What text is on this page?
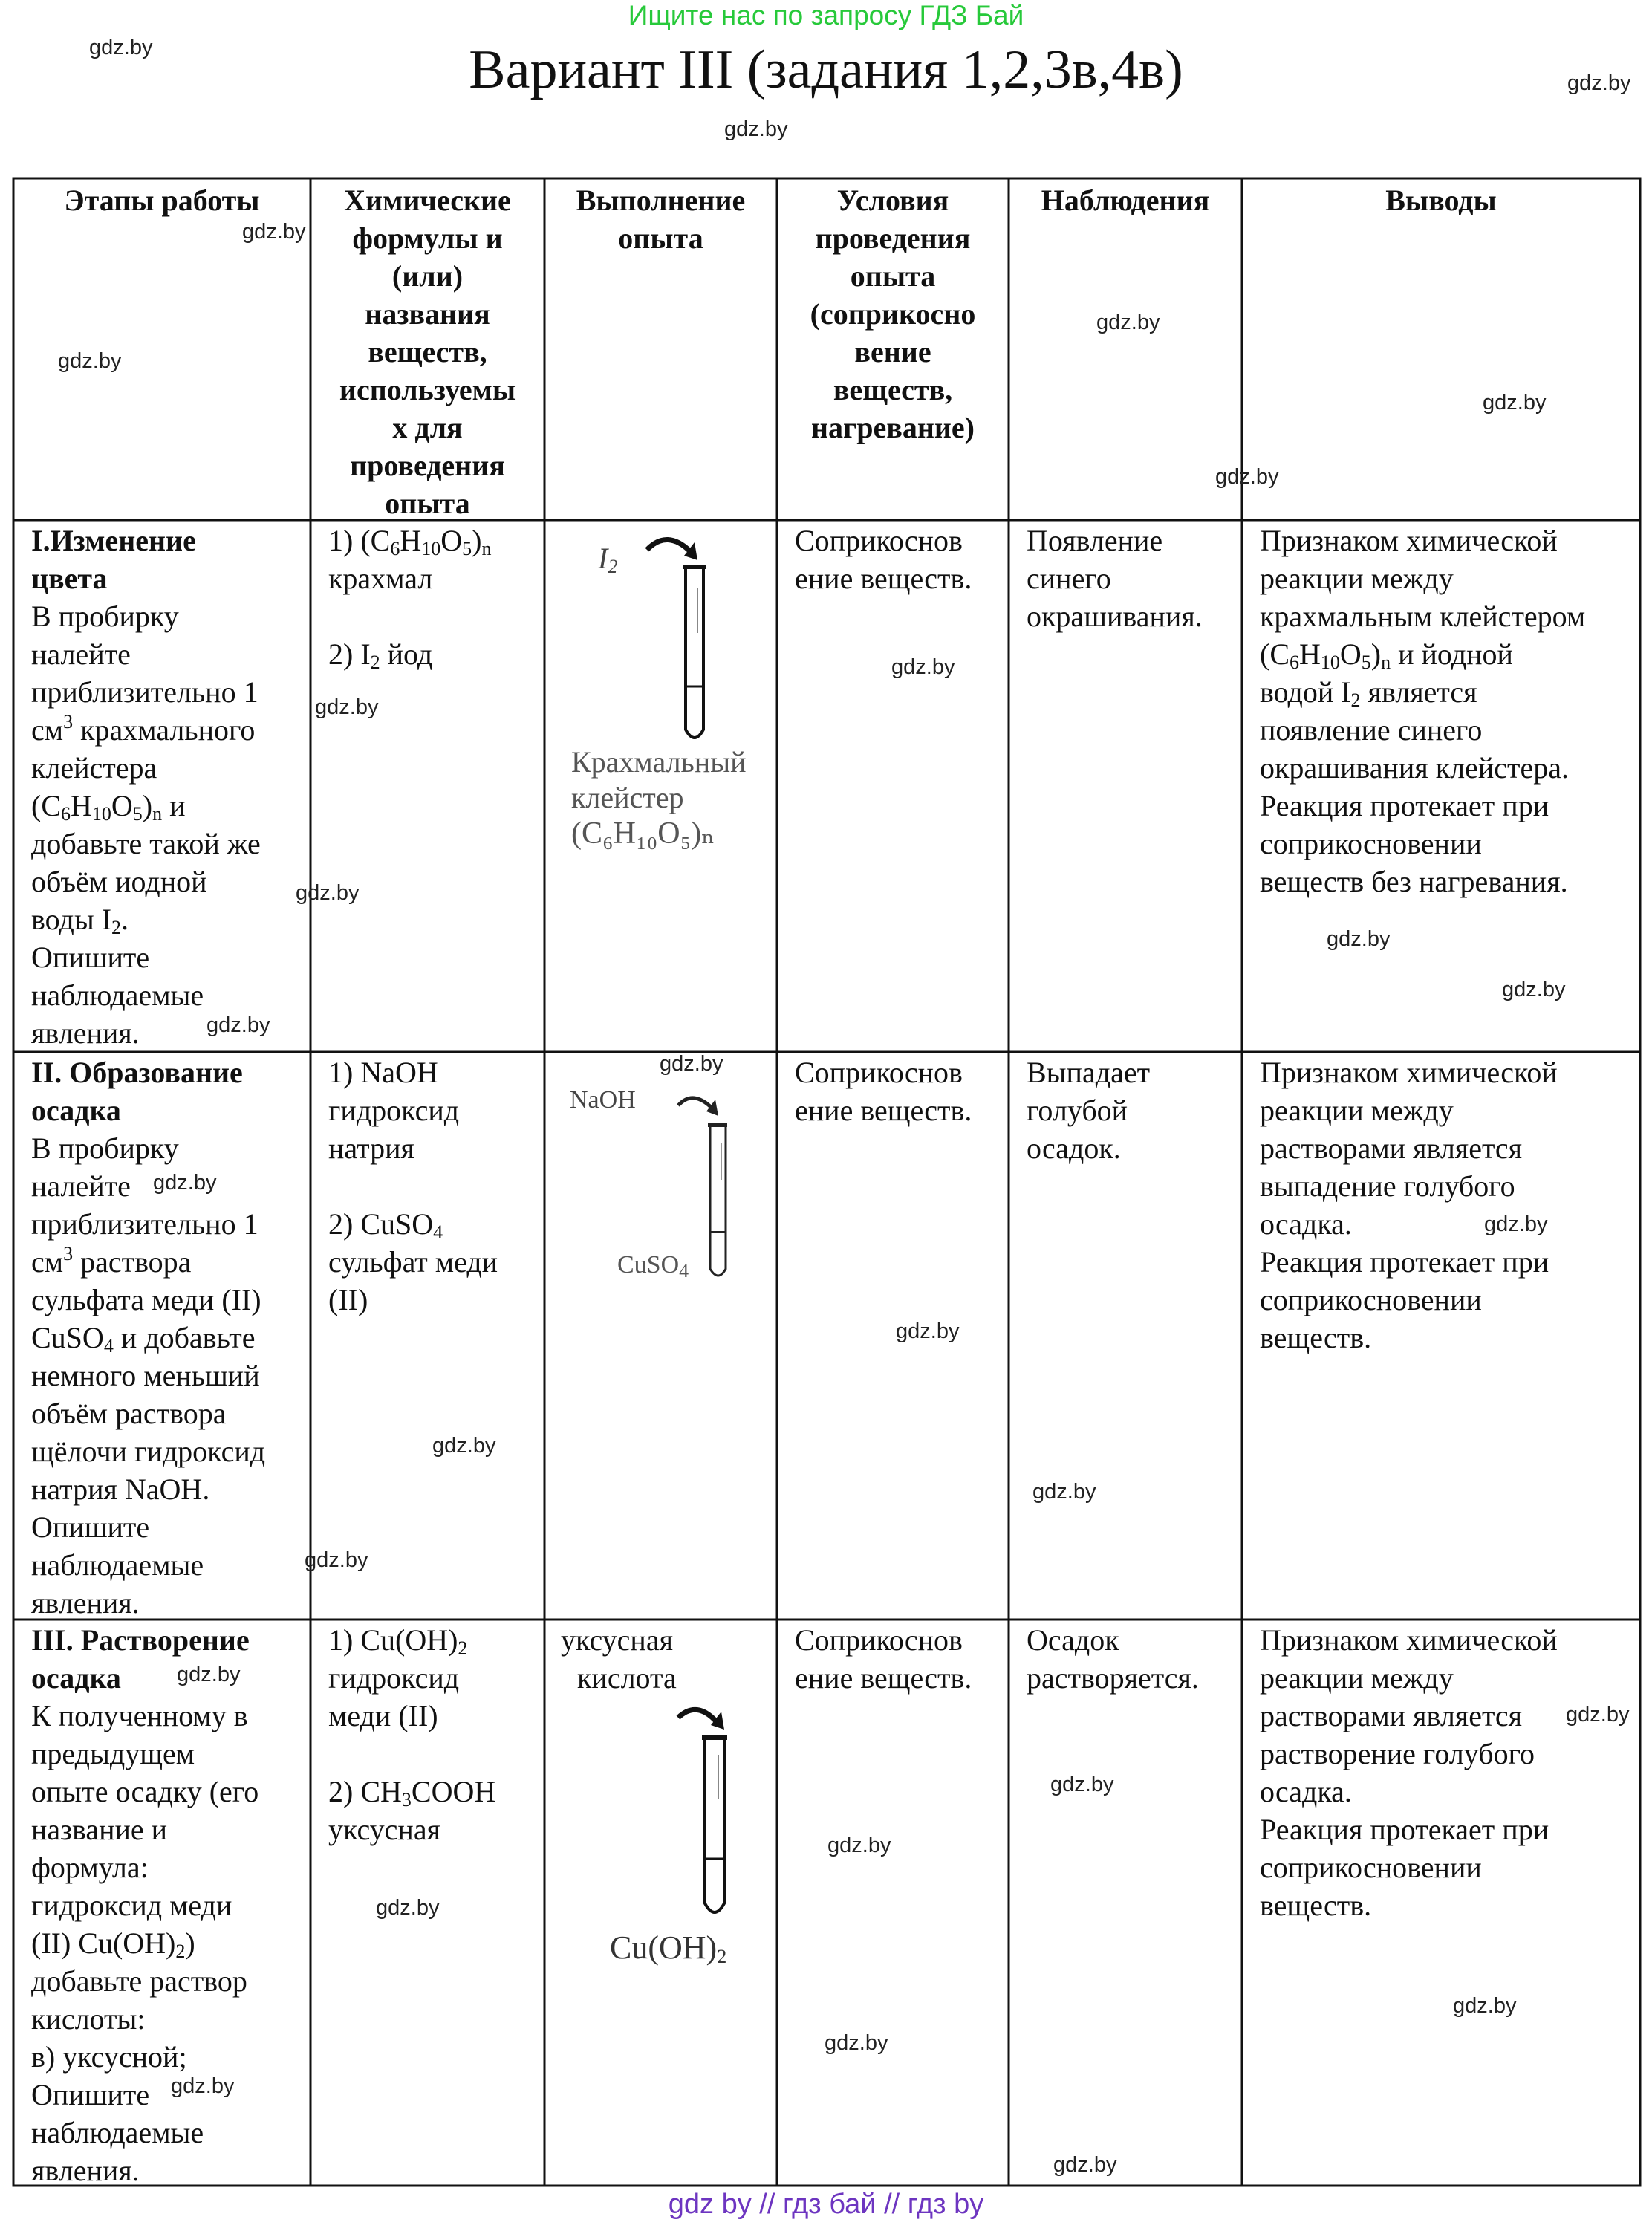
Ищите нас по запросу ГДЗ Бай
Вариант III (задания 1,2,3в,4в)
Этапы работы	Химические
формулы и
(или)
названия
веществ,
используемы
х для
проведения
опыта
Выполнение
опыта
Условия
проведения
опыта
(соприкосно
вение
веществ,
нагревание)
Наблюдения	Выводы
I.Изменение
цвета
В пробирку
налейте
приблизительно 1
$см^3$ крахмального
клейстера
$(C_6H_{10}O_5)_n$ и
добавьте такой же
объём иодной
воды $I_2$.
Опишите
наблюдаемые
явления.
1) $(C_6H_{10}O_5)_n$
крахмал
2) $I_2$ йод
$I_2$
Крахмальный
клейстер
(C₆H₁₀O₅)ₙ
Соприкоснов
ение веществ.
Появление
синего
окрашивания.
Признаком химической
реакции между
крахмальным клейстером
$(C_6H_{10}O_5)_n$ и йодной
водой $I_2$ является
появление синего
окрашивания клейстера.
Реакция протекает при
соприкосновении
веществ без нагревания.
II. Образование
осадка
В пробирку
налейте
приблизительно 1
$см^3$ раствора
сульфата меди (II)
CuSO$_4$ и добавьте
немного меньший
объём раствора
щёлочи гидроксид
натрия NaOH.
Опишите
наблюдаемые
явления.
1) NaOH
гидроксид
натрия
2) CuSO$_4$
сульфат меди
(II)
NaOH
CuSO$_4$
Соприкоснов
ение веществ.
Выпадает
голубой
осадок.
Признаком химической
реакции между
растворами является
выпадение голубого
осадка.
Реакция протекает при
соприкосновении
веществ.
III. Растворение
осадка
К полученному в
предыдущем
опыте осадку (его
название и
формула:
гидроксид меди
(II) $Cu(OH)_2$)
добавьте раствор
кислоты:
в) уксусной;
Опишите
наблюдаемые
явления.
1) $Cu(OH)_2$
гидроксид
меди (II)
2) $CH_3COOH$
уксусная
уксусная
кислота
$Cu(OH)_2$
Соприкоснов
ение веществ.
Осадок
растворяется.
Признаком химической
реакции между
растворами является
растворение голубого
осадка.
Реакция протекает при
соприкосновении
веществ.
gdz.by
gdz.by
gdz.by
gdz.by
gdz.by
gdz.by
gdz.by
gdz.by
gdz.by
gdz.by
gdz.by
gdz.by
gdz.by
gdz.by
gdz.by
gdz.by
gdz.by
gdz.by
gdz.by
gdz.by
gdz.by
gdz.by
gdz.by
gdz.by
gdz.by
gdz.by
gdz.by
gdz.by
gdz.by
gdz.by
gdz by // гдз бай // гдз by
